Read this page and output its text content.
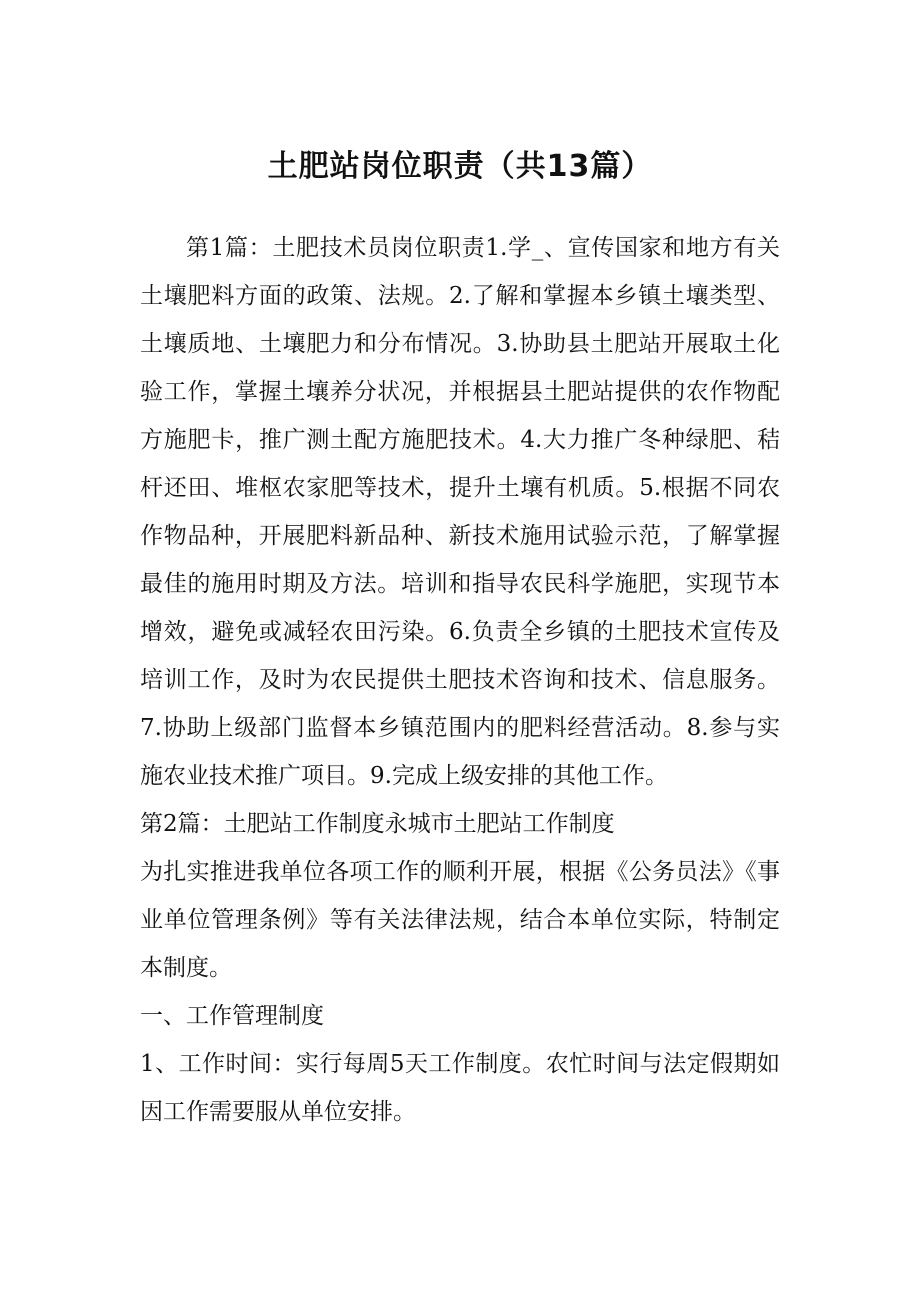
土肥站岗位职责（共13篇）

第1篇：土肥技术员岗位职责1.学_、宣传国家和地方有关土壤肥料方面的政策、法规。2.了解和掌握本乡镇土壤类型、土壤质地、土壤肥力和分布情况。3.协助县土肥站开展取土化验工作，掌握土壤养分状况，并根据县土肥站提供的农作物配方施肥卡，推广测土配方施肥技术。4.大力推广冬种绿肥、秸杆还田、堆枢农家肥等技术，提升土壤有机质。5.根据不同农作物品种，开展肥料新品种、新技术施用试验示范，了解掌握最佳的施用时期及方法。培训和指导农民科学施肥，实现节本增效，避免或减轻农田污染。6.负责全乡镇的土肥技术宣传及培训工作，及时为农民提供土肥技术咨询和技术、信息服务。7.协助上级部门监督本乡镇范围内的肥料经营活动。8.参与实施农业技术推广项目。9.完成上级安排的其他工作。

第2篇：土肥站工作制度永城市土肥站工作制度

为扎实推进我单位各项工作的顺利开展，根据《公务员法》《事业单位管理条例》等有关法律法规，结合本单位实际，特制定本制度。

一、工作管理制度

1、工作时间：实行每周5天工作制度。农忙时间与法定假期如因工作需要服从单位安排。
